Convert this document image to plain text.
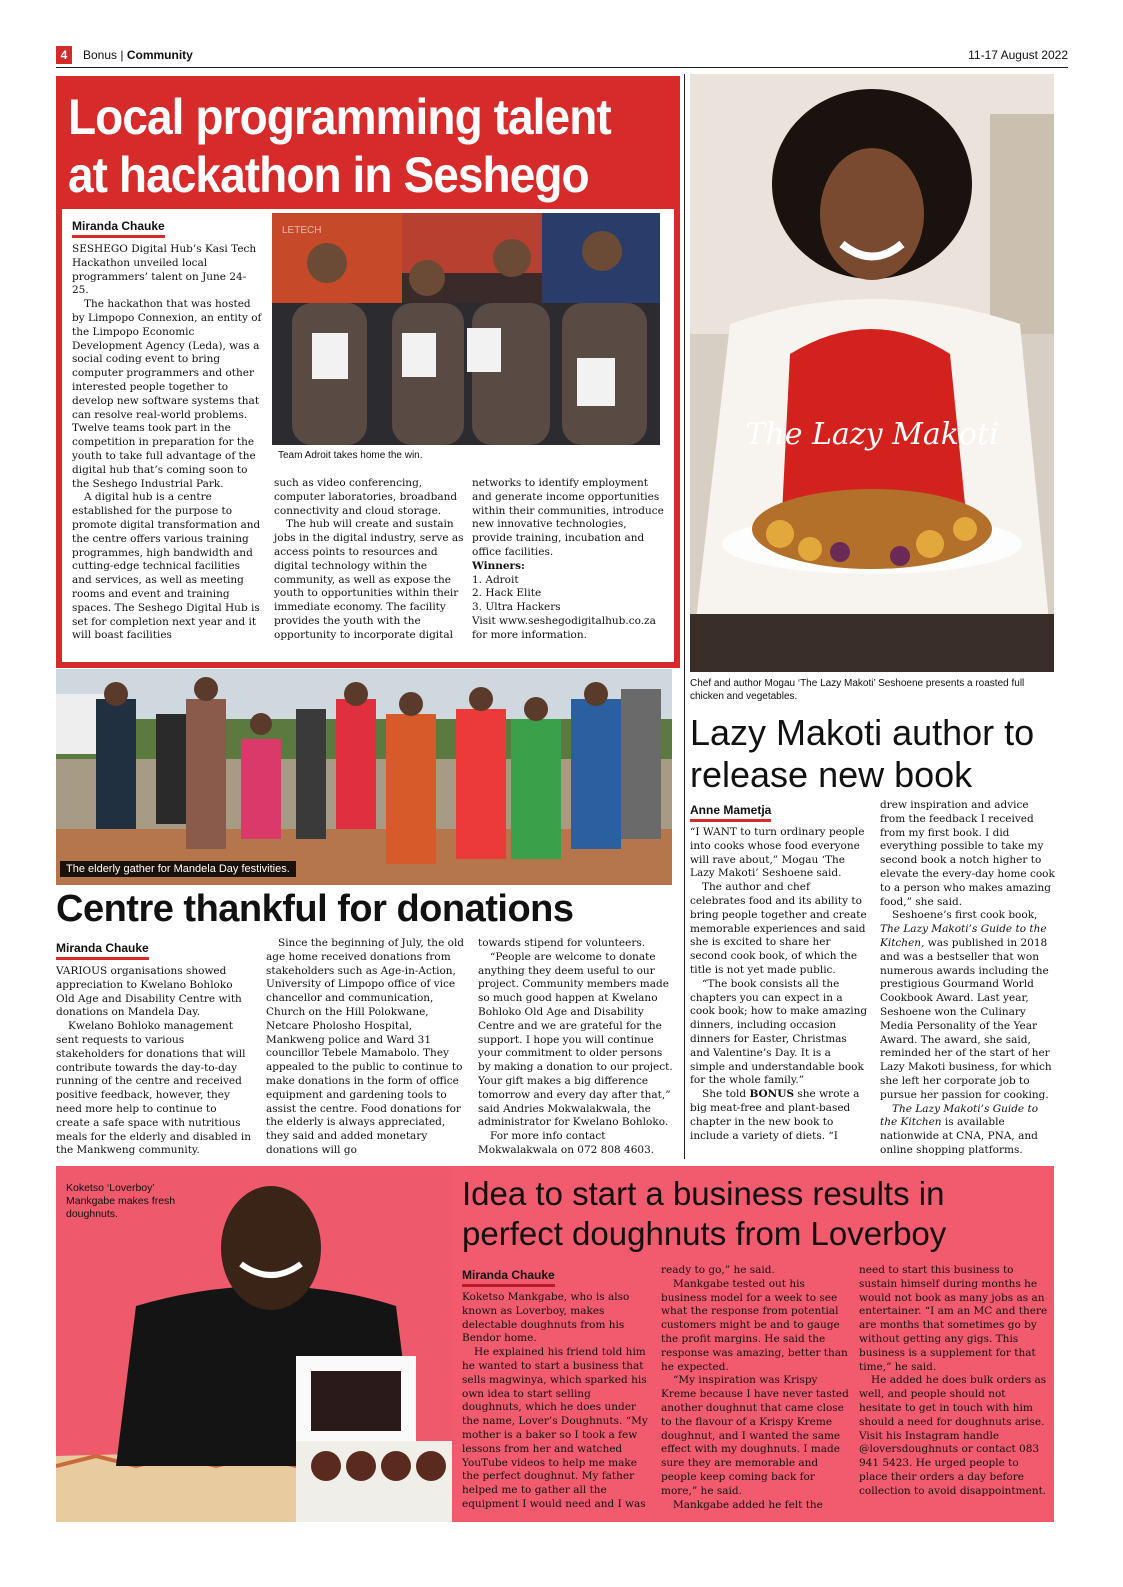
4	Bonus | Community	11-17 August 2022
Local programming talent at hackathon in Seshego
Miranda Chauke

SESHEGO Digital Hub’s Kasi Tech Hackathon unveiled local programmers’ talent on June 24-25.

The hackathon that was hosted by Limpopo Connexion, an entity of the Limpopo Economic Development Agency (Leda), was a social coding event to bring computer programmers and other interested people together to develop new software systems that can resolve real-world problems. Twelve teams took part in the competition in preparation for the youth to take full advantage of the digital hub that’s coming soon to the Seshego Industrial Park.

A digital hub is a centre established for the purpose to promote digital transformation and the centre offers various training programmes, high bandwidth and cutting-edge technical facilities and services, as well as meeting rooms and event and training spaces. The Seshego Digital Hub is set for completion next year and it will boast facilities

LETECH
Team Adroit takes home the win.

such as video conferencing, computer laboratories, broadband connectivity and cloud storage.

The hub will create and sustain jobs in the digital industry, serve as access points to resources and digital technology within the community, as well as expose the youth to opportunities within their immediate economy. The facility provides the youth with the opportunity to incorporate digital

networks to identify employment and generate income opportunities within their communities, introduce new innovative technologies, provide training, incubation and office facilities.

Winners:

1. Adroit

2. Hack Elite

3. Ultra Hackers

Visit www.seshegodigitalhub.co.za for more information.

The Lazy Makoti
Chef and author Mogau ‘The Lazy Makoti’ Seshoene presents a roasted full chicken and vegetables.
Lazy Makoti author to release new book
Anne Mametja

“I WANT to turn ordinary people into cooks whose food everyone will rave about,” Mogau ‘The Lazy Makoti’ Seshoene said.

The author and chef celebrates food and its ability to bring people together and create memorable experiences and said she is excited to share her second cook book, of which the title is not yet made public.

“The book consists all the chapters you can expect in a cook book; how to make amazing dinners, including occasion dinners for Easter, Christmas and Valentine’s Day. It is a simple and understandable book for the whole family.”

She told BONUS she wrote a big meat-free and plant-based chapter in the new book to include a variety of diets. “I

drew inspiration and advice from the feedback I received from my first book. I did everything possible to take my second book a notch higher to elevate the every-day home cook to a person who makes amazing food,” she said.

Seshoene’s first cook book, The Lazy Makoti’s Guide to the Kitchen, was published in 2018 and was a bestseller that won numerous awards including the prestigious Gourmand World Cookbook Award. Last year, Seshoene won the Culinary Media Personality of the Year Award. The award, she said, reminded her of the start of her Lazy Makoti business, for which she left her corporate job to pursue her passion for cooking.

The Lazy Makoti’s Guide to the Kitchen is available nationwide at CNA, PNA, and online shopping platforms.

The elderly gather for Mandela Day festivities.
Centre thankful for donations
Miranda Chauke

VARIOUS organisations showed appreciation to Kwelano Bohloko Old Age and Disability Centre with donations on Mandela Day.

Kwelano Bohloko management sent requests to various stakeholders for donations that will contribute towards the day-to-day running of the centre and received positive feedback, however, they need more help to continue to create a safe space with nutritious meals for the elderly and disabled in the Mankweng community.

Since the beginning of July, the old age home received donations from stakeholders such as Age-in-Action, University of Limpopo office of vice chancellor and communication, Church on the Hill Polokwane, Netcare Pholosho Hospital, Mankweng police and Ward 31 councillor Tebele Mamabolo. They appealed to the public to continue to make donations in the form of office equipment and gardening tools to assist the centre. Food donations for the elderly is always appreciated, they said and added monetary donations will go

towards stipend for volunteers.

“People are welcome to donate anything they deem useful to our project. Community members made so much good happen at Kwelano Bohloko Old Age and Disability Centre and we are grateful for the support. I hope you will continue your commitment to older persons by making a donation to our project. Your gift makes a big difference tomorrow and every day after that,” said Andries Mokwalakwala, the administrator for Kwelano Bohloko.

For more info contact Mokwalakwala on 072 808 4603.

Koketso ‘Loverboy’ Mankgabe makes fresh doughnuts.
Idea to start a business results in perfect doughnuts from Loverboy
Miranda Chauke

Koketso Mankgabe, who is also known as Loverboy, makes delectable doughnuts from his Bendor home.

He explained his friend told him he wanted to start a business that sells magwinya, which sparked his own idea to start selling doughnuts, which he does under the name, Lover’s Doughnuts. “My mother is a baker so I took a few lessons from her and watched YouTube videos to help me make the perfect doughnut. My father helped me to gather all the equipment I would need and I was

ready to go,” he said.

Mankgabe tested out his business model for a week to see what the response from potential customers might be and to gauge the profit margins. He said the response was amazing, better than he expected.

“My inspiration was Krispy Kreme because I have never tasted another doughnut that came close to the flavour of a Krispy Kreme doughnut, and I wanted the same effect with my doughnuts. I made sure they are memorable and people keep coming back for more,” he said.

Mankgabe added he felt the

need to start this business to sustain himself during months he would not book as many jobs as an entertainer. “I am an MC and there are months that sometimes go by without getting any gigs. This business is a supplement for that time,” he said.

He added he does bulk orders as well, and people should not hesitate to get in touch with him should a need for doughnuts arise. Visit his Instagram handle @loversdoughnuts or contact 083 941 5423. He urged people to place their orders a day before collection to avoid disappointment.
